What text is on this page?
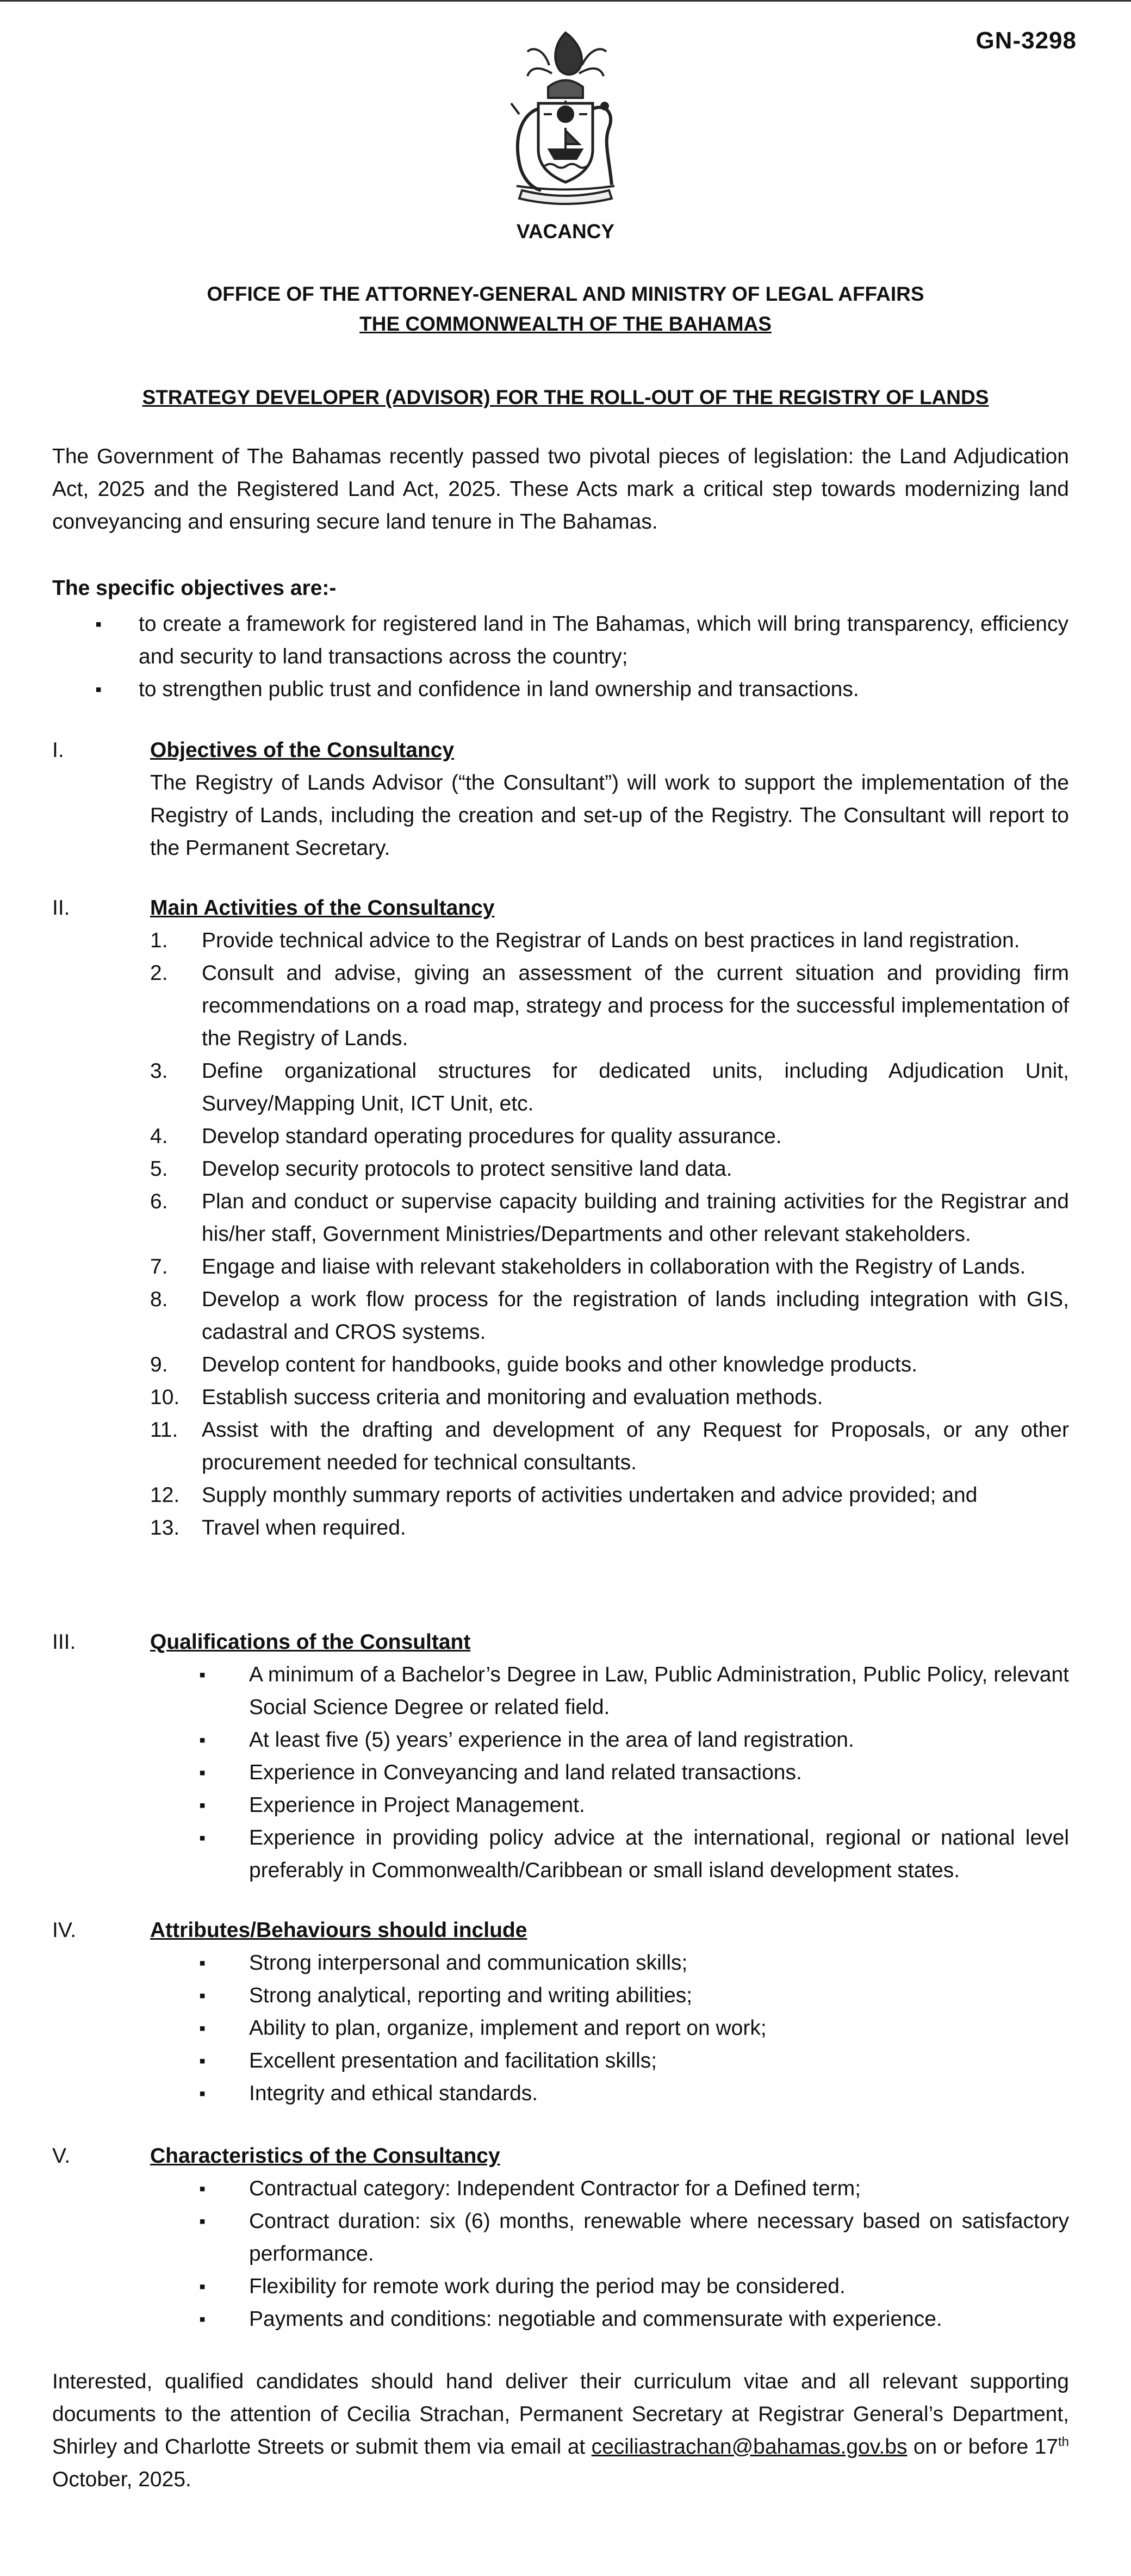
GN-3298
VACANCY
OFFICE OF THE ATTORNEY-GENERAL AND MINISTRY OF LEGAL AFFAIRS
THE COMMONWEALTH OF THE BAHAMAS
STRATEGY DEVELOPER (ADVISOR) FOR THE ROLL-OUT OF THE REGISTRY OF LANDS

The Government of The Bahamas recently passed two pivotal pieces of legislation: the Land Adjudication Act, 2025 and the Registered Land Act, 2025. These Acts mark a critical step towards modernizing land conveyancing and ensuring secure land tenure in The Bahamas.

The specific objectives are:-
▪ to create a framework for registered land in The Bahamas, which will bring transparency, efficiency and security to land transactions across the country;
▪ to strengthen public trust and confidence in land ownership and transactions.
I.	Objectives of the Consultancy

The Registry of Lands Advisor (“the Consultant”) will work to support the implementation of the Registry of Lands, including the creation and set-up of the Registry. The Consultant will report to the Permanent Secretary.

II.	Main Activities of the Consultancy
1. Provide technical advice to the Registrar of Lands on best practices in land registration.
2. Consult and advise, giving an assessment of the current situation and providing firm recommendations on a road map, strategy and process for the successful implementation of the Registry of Lands.
3. Define organizational structures for dedicated units, including Adjudication Unit, Survey/Mapping Unit, ICT Unit, etc.
4. Develop standard operating procedures for quality assurance.
5. Develop security protocols to protect sensitive land data.
6. Plan and conduct or supervise capacity building and training activities for the Registrar and his/her staff, Government Ministries/Departments and other relevant stakeholders.
7. Engage and liaise with relevant stakeholders in collaboration with the Registry of Lands.
8. Develop a work flow process for the registration of lands including integration with GIS, cadastral and CROS systems.
9. Develop content for handbooks, guide books and other knowledge products.
10. Establish success criteria and monitoring and evaluation methods.
11. Assist with the drafting and development of any Request for Proposals, or any other procurement needed for technical consultants.
12. Supply monthly summary reports of activities undertaken and advice provided; and
13. Travel when required.
III.	Qualifications of the Consultant
▪ A minimum of a Bachelor’s Degree in Law, Public Administration, Public Policy, relevant Social Science Degree or related field.
▪ At least five (5) years’ experience in the area of land registration.
▪ Experience in Conveyancing and land related transactions.
▪ Experience in Project Management.
▪ Experience in providing policy advice at the international, regional or national level preferably in Commonwealth/Caribbean or small island development states.
IV.	Attributes/Behaviours should include
▪ Strong interpersonal and communication skills;
▪ Strong analytical, reporting and writing abilities;
▪ Ability to plan, organize, implement and report on work;
▪ Excellent presentation and facilitation skills;
▪ Integrity and ethical standards.
V.	Characteristics of the Consultancy
▪ Contractual category: Independent Contractor for a Defined term;
▪ Contract duration: six (6) months, renewable where necessary based on satisfactory performance.
▪ Flexibility for remote work during the period may be considered.
▪ Payments and conditions: negotiable and commensurate with experience.

Interested, qualified candidates should hand deliver their curriculum vitae and all relevant supporting documents to the attention of Cecilia Strachan, Permanent Secretary at Registrar General’s Department, Shirley and Charlotte Streets or submit them via email at ceciliastrachan@bahamas.gov.bs on or before 17th October, 2025.
